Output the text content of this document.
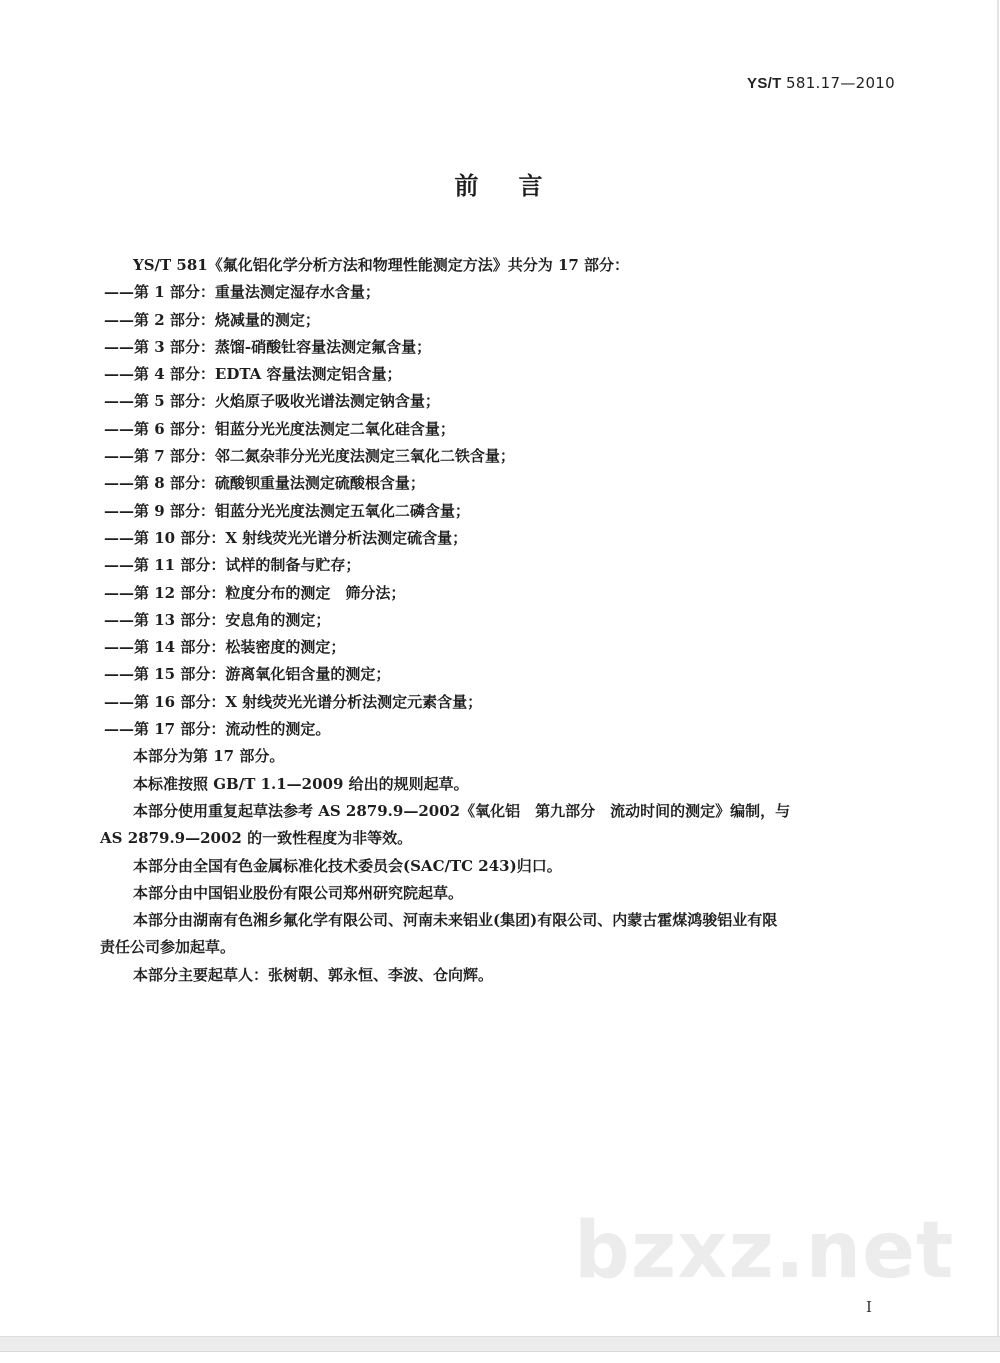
YS/T 581.17—2010
前言
YS/T 581《氟化铝化学分析方法和物理性能测定方法》共分为 17 部分：
——第 1 部分：重量法测定湿存水含量；
——第 2 部分：烧减量的测定；
——第 3 部分：蒸馏-硝酸钍容量法测定氟含量；
——第 4 部分：EDTA 容量法测定铝含量；
——第 5 部分：火焰原子吸收光谱法测定钠含量；
——第 6 部分：钼蓝分光光度法测定二氧化硅含量；
——第 7 部分：邻二氮杂菲分光光度法测定三氧化二铁含量；
——第 8 部分：硫酸钡重量法测定硫酸根含量；
——第 9 部分：钼蓝分光光度法测定五氧化二磷含量；
——第 10 部分：X 射线荧光光谱分析法测定硫含量；
——第 11 部分：试样的制备与贮存；
——第 12 部分：粒度分布的测定　筛分法；
——第 13 部分：安息角的测定；
——第 14 部分：松装密度的测定；
——第 15 部分：游离氧化铝含量的测定；
——第 16 部分：X 射线荧光光谱分析法测定元素含量；
——第 17 部分：流动性的测定。
本部分为第 17 部分。
本标准按照 GB/T 1.1—2009 给出的规则起草。
本部分使用重复起草法参考 AS 2879.9—2002《氧化铝　第九部分　流动时间的测定》编制，与
AS 2879.9—2002 的一致性程度为非等效。
本部分由全国有色金属标准化技术委员会(SAC/TC 243)归口。
本部分由中国铝业股份有限公司郑州研究院起草。
本部分由湖南有色湘乡氟化学有限公司、河南未来铝业(集团)有限公司、内蒙古霍煤鸿骏铝业有限
责任公司参加起草。
本部分主要起草人：张树朝、郭永恒、李波、仓向辉。
bzxz.net
I
